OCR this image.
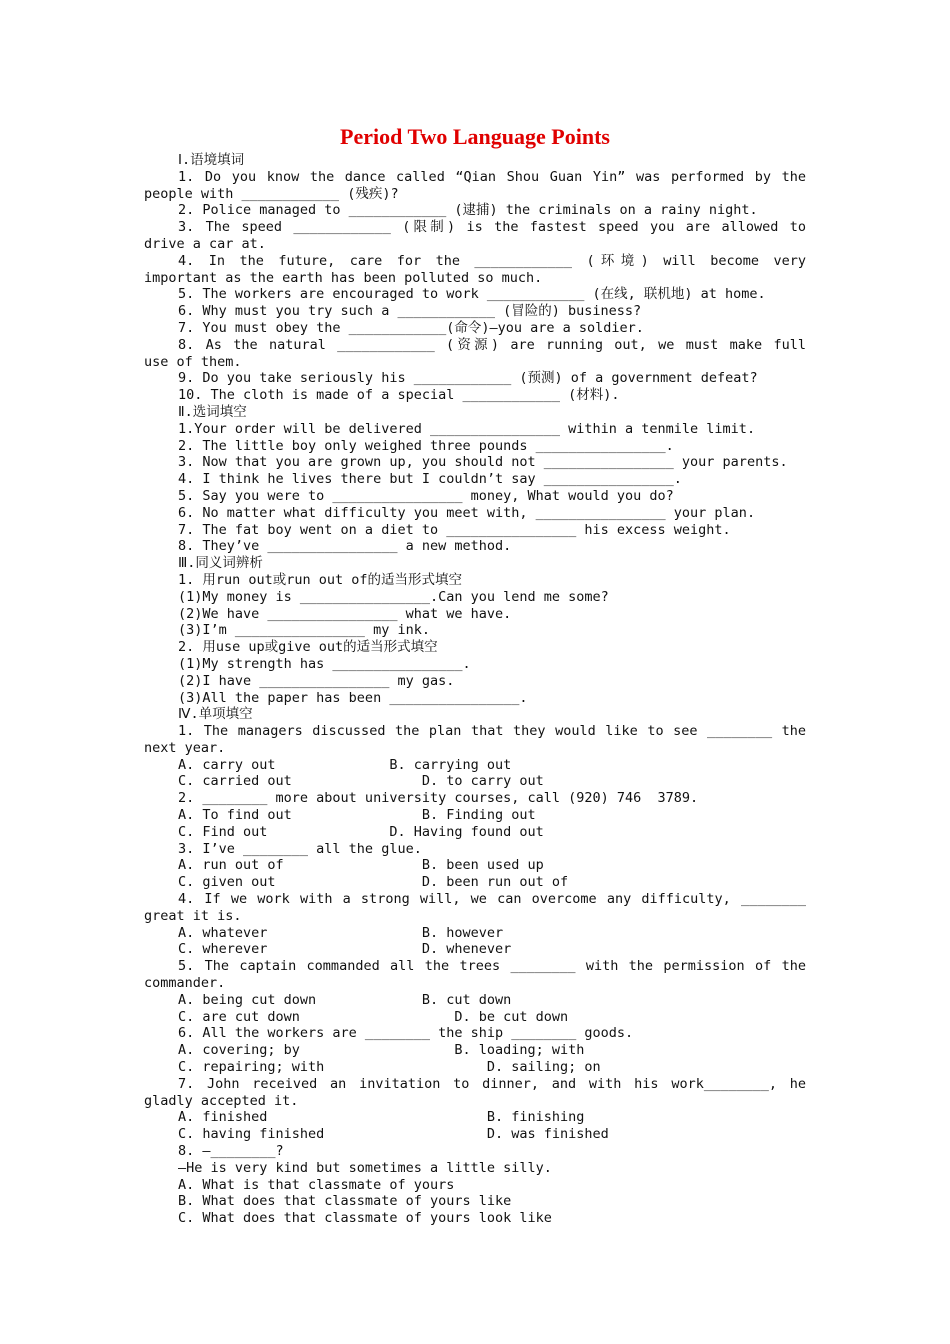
Period Two Language Points
Ⅰ.语境填词
1. Do you know the dance called “Qian Shou Guan Yin” was performed by the
people with ____________ (残疾)?
2. Police managed to ____________ (逮捕) the criminals on a rainy night.
3. The speed ____________ (限制) is the fastest speed you are allowed to
drive a car at.
4. In the future, care for the ____________ (环境) will become very
important as the earth has been polluted so much.
5. The workers are encouraged to work ____________ (在线, 联机地) at home.
6. Why must you try such a ____________ (冒险的) business?
7. You must obey the ____________(命令)—you are a soldier.
8. As the natural ____________ (资源) are running out, we must make full
use of them.
9. Do you take seriously his ____________ (预测) of a government defeat?
10. The cloth is made of a special ____________ (材料).
Ⅱ.选词填空
1.Your order will be delivered ________________ within a tenmile limit.
2. The little boy only weighed three pounds ________________.
3. Now that you are grown up, you should not ________________ your parents.
4. I think he lives there but I couldn’t say ________________.
5. Say you were to ________________ money, What would you do?
6. No matter what difficulty you meet with, ________________ your plan.
7. The fat boy went on a diet to ________________ his excess weight.
8. They’ve ________________ a new method.
Ⅲ.同义词辨析
1. 用run out或run out of的适当形式填空
(1)My money is ________________.Can you lend me some?
(2)We have ________________ what we have.
(3)I’m ________________ my ink.
2. 用use up或give out的适当形式填空
(1)My strength has ________________.
(2)I have ________________ my gas.
(3)All the paper has been ________________.
Ⅳ.单项填空
1. The managers discussed the plan that they would like to see ________ the
next year.
A. carry out              B. carrying out
C. carried out                D. to carry out
2. ________ more about university courses, call (920) 746  3789.
A. To find out                B. Finding out
C. Find out               D. Having found out
3. I’ve ________ all the glue.
A. run out of                 B. been used up
C. given out                  D. been run out of
4. If we work with a strong will, we can overcome any difficulty, ________
great it is.
A. whatever                   B. however
C. wherever                   D. whenever
5. The captain commanded all the trees ________ with the permission of the
commander.
A. being cut down             B. cut down
C. are cut down                   D. be cut down
6. All the workers are ________ the ship ________ goods.
A. covering; by                   B. loading; with
C. repairing; with                    D. sailing; on
7. John received an invitation to dinner, and with his work________, he
gladly accepted it.
A. finished                           B. finishing
C. having finished                    D. was finished
8. —________?
—He is very kind but sometimes a little silly.
A. What is that classmate of yours
B. What does that classmate of yours like
C. What does that classmate of yours look like
